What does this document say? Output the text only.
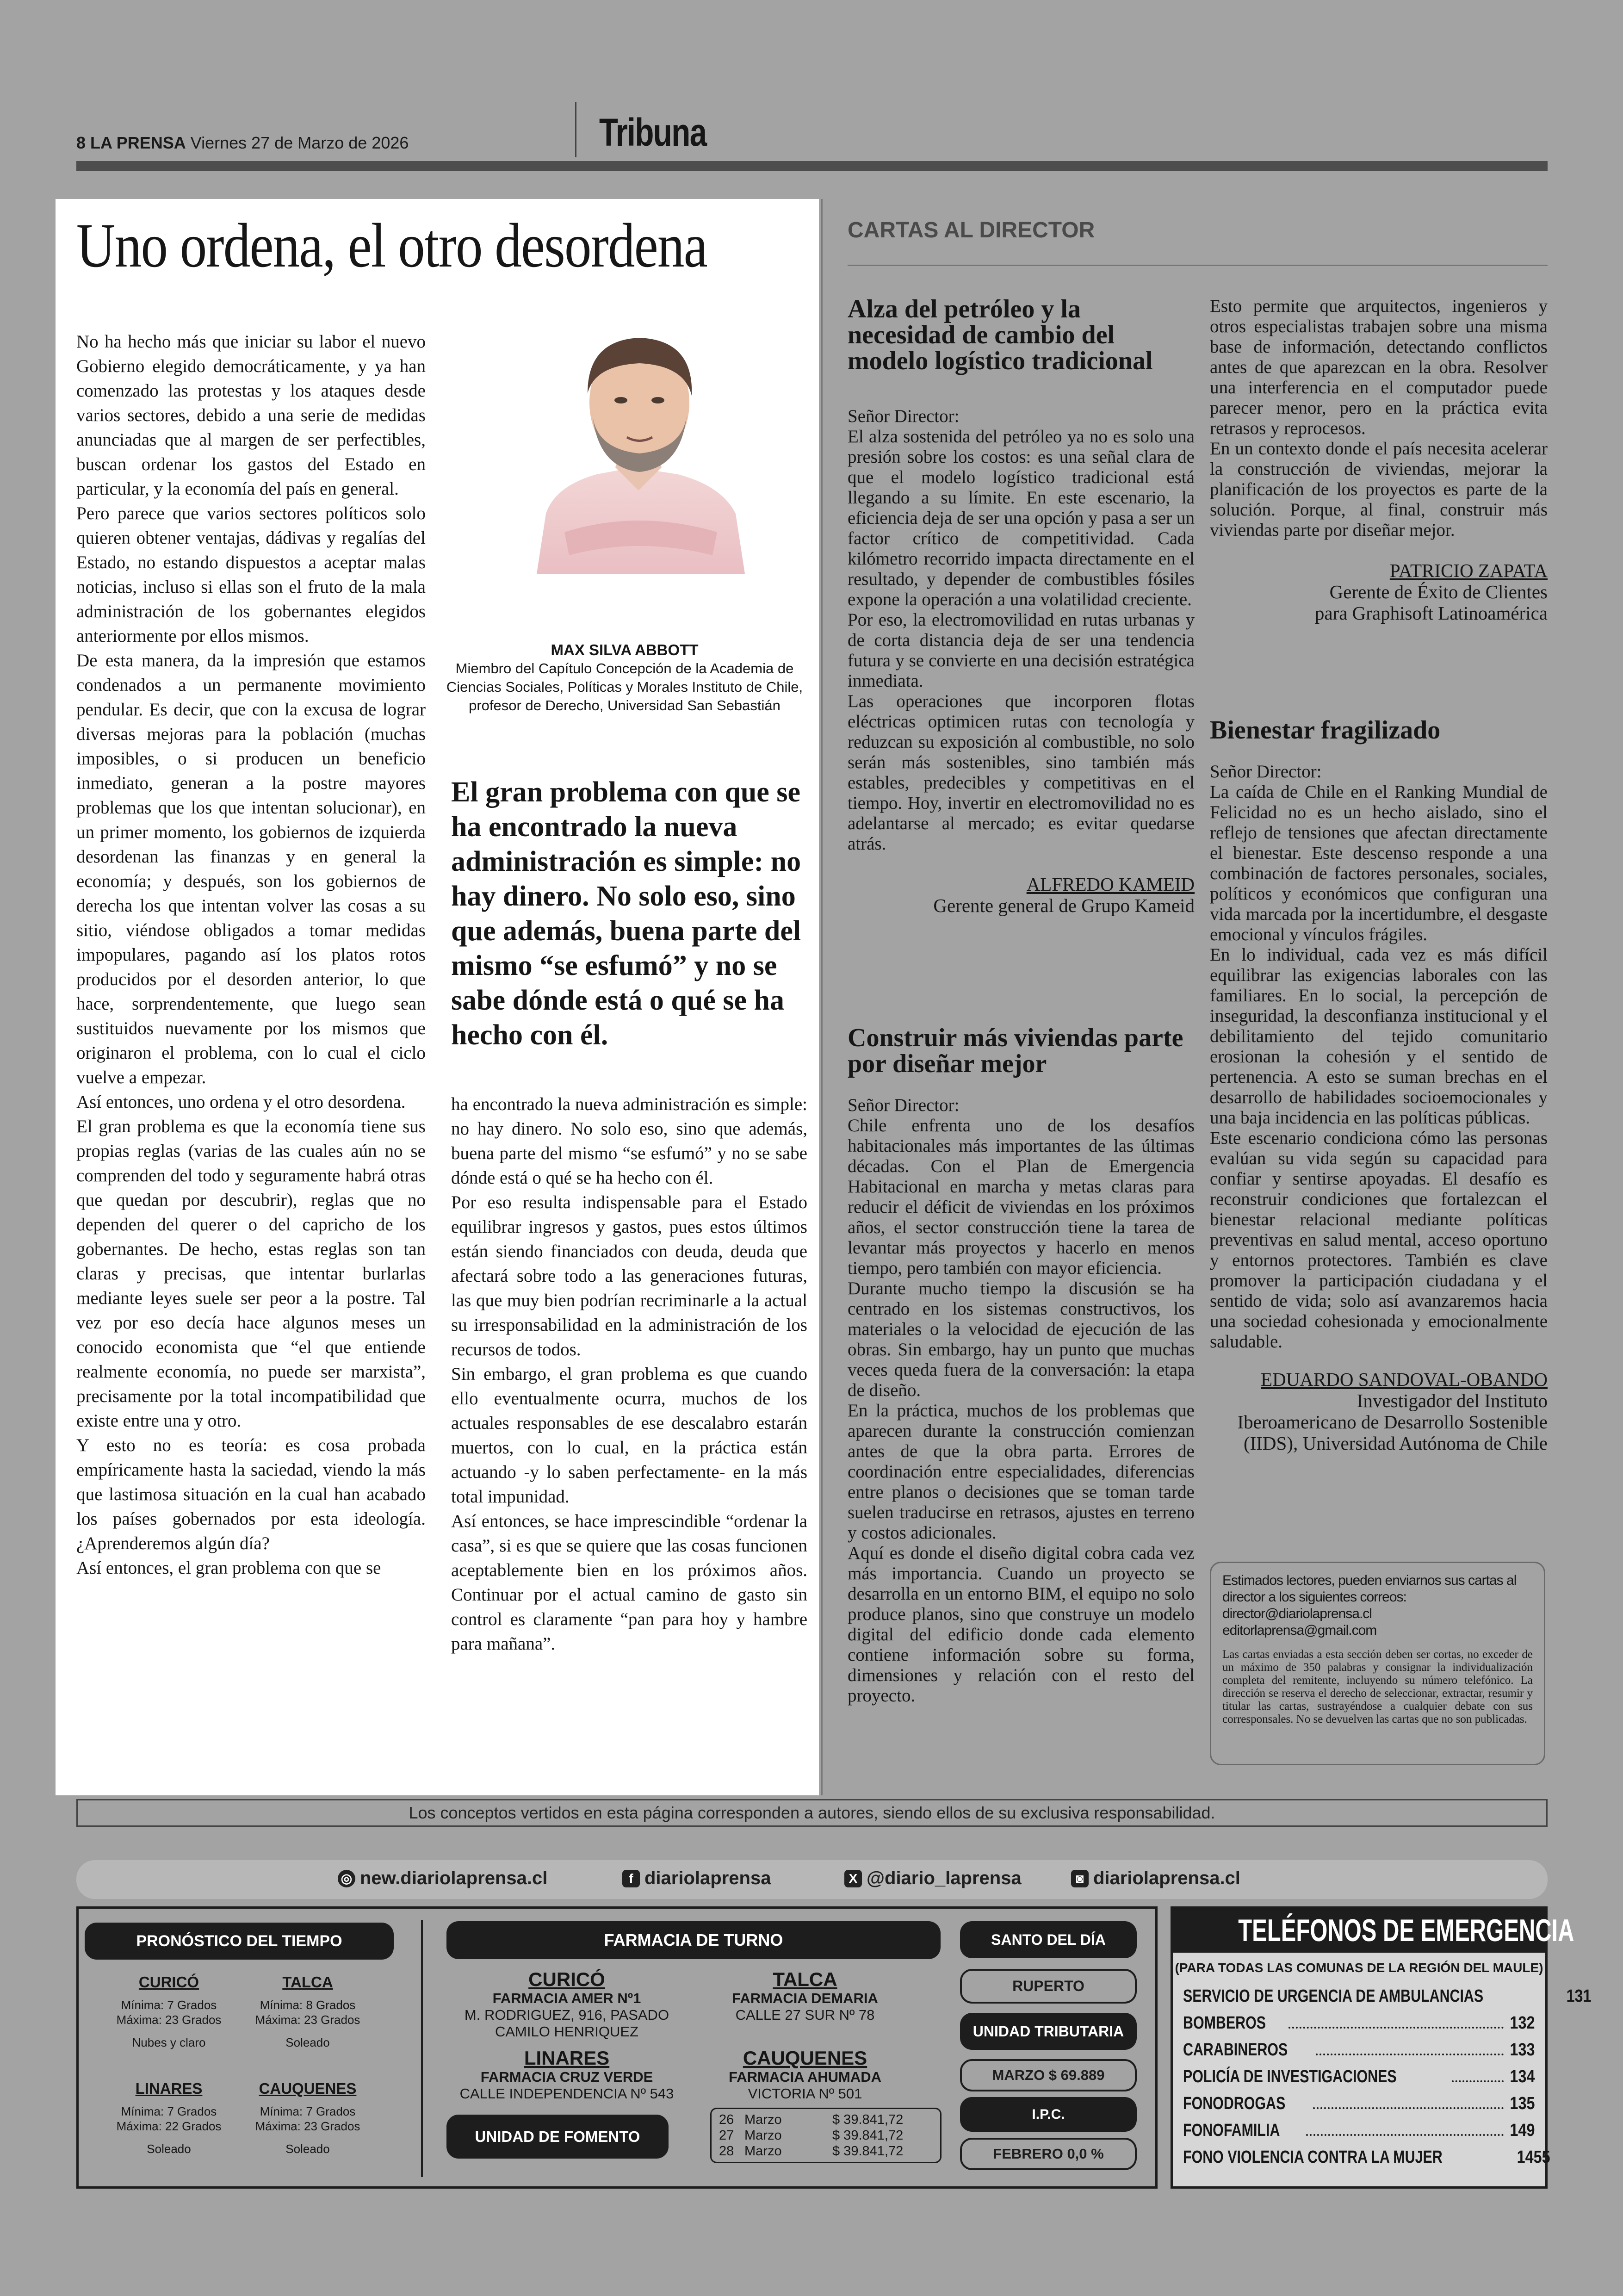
8 LA PRENSA Viernes 27 de Marzo de 2026	Tribuna
Uno ordena, el otro desordena

No ha hecho más que iniciar su labor el nuevo Gobierno elegido democráticamente, y ya han comenzado las protestas y los ataques desde varios sectores, debido a una serie de medidas anunciadas que al margen de ser perfectibles, buscan ordenar los gastos del Estado en particular, y la economía del país en general.

Pero parece que varios sectores políticos solo quieren obtener ventajas, dádivas y regalías del Estado, no estando dispuestos a aceptar malas noticias, incluso si ellas son el fruto de la mala administración de los gobernantes elegidos anteriormente por ellos mismos.

De esta manera, da la impresión que estamos condenados a un permanente movimiento pendular. Es decir, que con la excusa de lograr diversas mejoras para la población (muchas imposibles, o si producen un beneficio inmediato, generan a la postre mayores problemas que los que intentan solucionar), en un primer momento, los gobiernos de izquierda desordenan las finanzas y en general la economía; y después, son los gobiernos de derecha los que intentan volver las cosas a su sitio, viéndose obligados a tomar medidas impopulares, pagando así los platos rotos producidos por el desorden anterior, lo que hace, sorprendentemente, que luego sean sustituidos nuevamente por los mismos que originaron el problema, con lo cual el ciclo vuelve a empezar.

Así entonces, uno ordena y el otro desordena.

El gran problema es que la economía tiene sus propias reglas (varias de las cuales aún no se comprenden del todo y seguramente habrá otras que quedan por descubrir), reglas que no dependen del querer o del capricho de los gobernantes. De hecho, estas reglas son tan claras y precisas, que intentar burlarlas mediante leyes suele ser peor a la postre. Tal vez por eso decía hace algunos meses un conocido economista que “el que entiende realmente economía, no puede ser marxista”, precisamente por la total incompatibilidad que existe entre una y otro.

Y esto no es teoría: es cosa probada empíricamente hasta la saciedad, viendo la más que lastimosa situación en la cual han acabado los países gobernados por esta ideología. ¿Aprenderemos algún día?

Así entonces, el gran problema con que se

MAX SILVA ABBOTT
Miembro del Capítulo Concepción de la Academia de Ciencias Sociales, Políticas y Morales Instituto de Chile, profesor de Derecho, Universidad San Sebastián
El gran problema con que se ha encontrado la nueva administración es simple: no hay dinero. No solo eso, sino que además, buena parte del mismo “se esfumó” y no se sabe dónde está o qué se ha hecho con él.

ha encontrado la nueva administración es simple: no hay dinero. No solo eso, sino que además, buena parte del mismo “se esfumó” y no se sabe dónde está o qué se ha hecho con él.

Por eso resulta indispensable para el Estado equilibrar ingresos y gastos, pues estos últimos están siendo financiados con deuda, deuda que afectará sobre todo a las generaciones futuras, las que muy bien podrían recriminarle a la actual su irresponsabilidad en la administración de los recursos de todos.

Sin embargo, el gran problema es que cuando ello eventualmente ocurra, muchos de los actuales responsables de ese descalabro estarán muertos, con lo cual, en la práctica están actuando -y lo saben perfectamente- en la más total impunidad.

Así entonces, se hace imprescindible “ordenar la casa”, si es que se quiere que las cosas funcionen aceptablemente bien en los próximos años. Continuar por el actual camino de gasto sin control es claramente “pan para hoy y hambre para mañana”.

CARTAS AL DIRECTOR
Alza del petróleo y la necesidad de cambio del modelo logístico tradicional

Señor Director:

El alza sostenida del petróleo ya no es solo una presión sobre los costos: es una señal clara de que el modelo logístico tradicional está llegando a su límite. En este escenario, la eficiencia deja de ser una opción y pasa a ser un factor crítico de competitividad. Cada kilómetro recorrido impacta directamente en el resultado, y depender de combustibles fósiles expone la operación a una volatilidad creciente.

Por eso, la electromovilidad en rutas urbanas y de corta distancia deja de ser una tendencia futura y se convierte en una decisión estratégica inmediata.

Las operaciones que incorporen flotas eléctricas optimicen rutas con tecnología y reduzcan su exposición al combustible, no solo serán más sostenibles, sino también más estables, predecibles y competitivas en el tiempo. Hoy, invertir en electromovilidad no es adelantarse al mercado; es evitar quedarse atrás.

ALFREDO KAMEID
Gerente general de Grupo Kameid
Construir más viviendas parte por diseñar mejor

Señor Director:

Chile enfrenta uno de los desafíos habitacionales más importantes de las últimas décadas. Con el Plan de Emergencia Habitacional en marcha y metas claras para reducir el déficit de viviendas en los próximos años, el sector construcción tiene la tarea de levantar más proyectos y hacerlo en menos tiempo, pero también con mayor eficiencia.

Durante mucho tiempo la discusión se ha centrado en los sistemas constructivos, los materiales o la velocidad de ejecución de las obras. Sin embargo, hay un punto que muchas veces queda fuera de la conversación: la etapa de diseño.

En la práctica, muchos de los problemas que aparecen durante la construcción comienzan antes de que la obra parta. Errores de coordinación entre especialidades, diferencias entre planos o decisiones que se toman tarde suelen traducirse en retrasos, ajustes en terreno y costos adicionales.

Aquí es donde el diseño digital cobra cada vez más importancia. Cuando un proyecto se desarrolla en un entorno BIM, el equipo no solo produce planos, sino que construye un modelo digital del edificio donde cada elemento contiene información sobre su forma, dimensiones y relación con el resto del proyecto.

Esto permite que arquitectos, ingenieros y otros especialistas trabajen sobre una misma base de información, detectando conflictos antes de que aparezcan en la obra. Resolver una interferencia en el computador puede parecer menor, pero en la práctica evita retrasos y reprocesos.

En un contexto donde el país necesita acelerar la construcción de viviendas, mejorar la planificación de los proyectos es parte de la solución. Porque, al final, construir más viviendas parte por diseñar mejor.

PATRICIO ZAPATA
Gerente de Éxito de Clientes
para Graphisoft Latinoamérica
Bienestar fragilizado

Señor Director:

La caída de Chile en el Ranking Mundial de Felicidad no es un hecho aislado, sino el reflejo de tensiones que afectan directamente el bienestar. Este descenso responde a una combinación de factores personales, sociales, políticos y económicos que configuran una vida marcada por la incertidumbre, el desgaste emocional y vínculos frágiles.

En lo individual, cada vez es más difícil equilibrar las exigencias laborales con las familiares. En lo social, la percepción de inseguridad, la desconfianza institucional y el debilitamiento del tejido comunitario erosionan la cohesión y el sentido de pertenencia. A esto se suman brechas en el desarrollo de habilidades socioemocionales y una baja incidencia en las políticas públicas.

Este escenario condiciona cómo las personas evalúan su vida según su capacidad para confiar y sentirse apoyadas. El desafío es reconstruir condiciones que fortalezcan el bienestar relacional mediante políticas preventivas en salud mental, acceso oportuno y entornos protectores. También es clave promover la participación ciudadana y el sentido de vida; solo así avanzaremos hacia una sociedad cohesionada y emocionalmente saludable.

EDUARDO SANDOVAL-OBANDO
Investigador del Instituto
Iberoamericano de Desarrollo Sostenible
(IIDS), Universidad Autónoma de Chile
Estimados lectores, pueden enviarnos sus cartas al director a los siguientes correos:
director@diariolaprensa.cl
editorlaprensa@gmail.com
Las cartas enviadas a esta sección deben ser cortas, no exceder de un máximo de 350 palabras y consignar la individualización completa del remitente, incluyendo su número telefónico. La dirección se reserva el derecho de seleccionar, extractar, resumir y titular las cartas, sustrayéndose a cualquier debate con sus corresponsales. No se devuelven las cartas que no son publicadas.
Los conceptos vertidos en esta página corresponden a autores, siendo ellos de su exclusiva responsabilidad.
◎ new.diariolaprensa.cl	f diariolaprensa	X @diario_laprensa	◙ diariolaprensa.cl
PRONÓSTICO DEL TIEMPO
CURICÓ
Mínima: 7 Grados
Máxima: 23 Grados
Nubes y claro
TALCA
Mínima: 8 Grados
Máxima: 23 Grados
Soleado
LINARES
Mínima: 7 Grados
Máxima: 22 Grados
Soleado
CAUQUENES
Mínima: 7 Grados
Máxima: 23 Grados
Soleado
FARMACIA DE TURNO
CURICÓ
FARMACIA AMER Nº1
M. RODRIGUEZ, 916, PASADO
CAMILO HENRIQUEZ
TALCA
FARMACIA DEMARIA
CALLE 27 SUR Nº 78
LINARES
FARMACIA CRUZ VERDE
CALLE INDEPENDENCIA Nº 543
CAUQUENES
FARMACIA AHUMADA
VICTORIA Nº 501
UNIDAD DE FOMENTO
26 Marzo	$ 39.841,72
27 Marzo	$ 39.841,72
28 Marzo	$ 39.841,72
SANTO DEL DÍA
RUPERTO
UNIDAD TRIBUTARIA
MARZO $ 69.889
I.P.C.
FEBRERO 0,0 %
TELÉFONOS DE EMERGENCIA
(PARA TODAS LAS COMUNAS DE LA REGIÓN DEL MAULE)
SERVICIO DE URGENCIA DE AMBULANCIAS	131
BOMBEROS	132
CARABINEROS	133
POLICÍA DE INVESTIGACIONES	134
FONODROGAS	135
FONOFAMILIA	149
FONO VIOLENCIA CONTRA LA MUJER	1455
